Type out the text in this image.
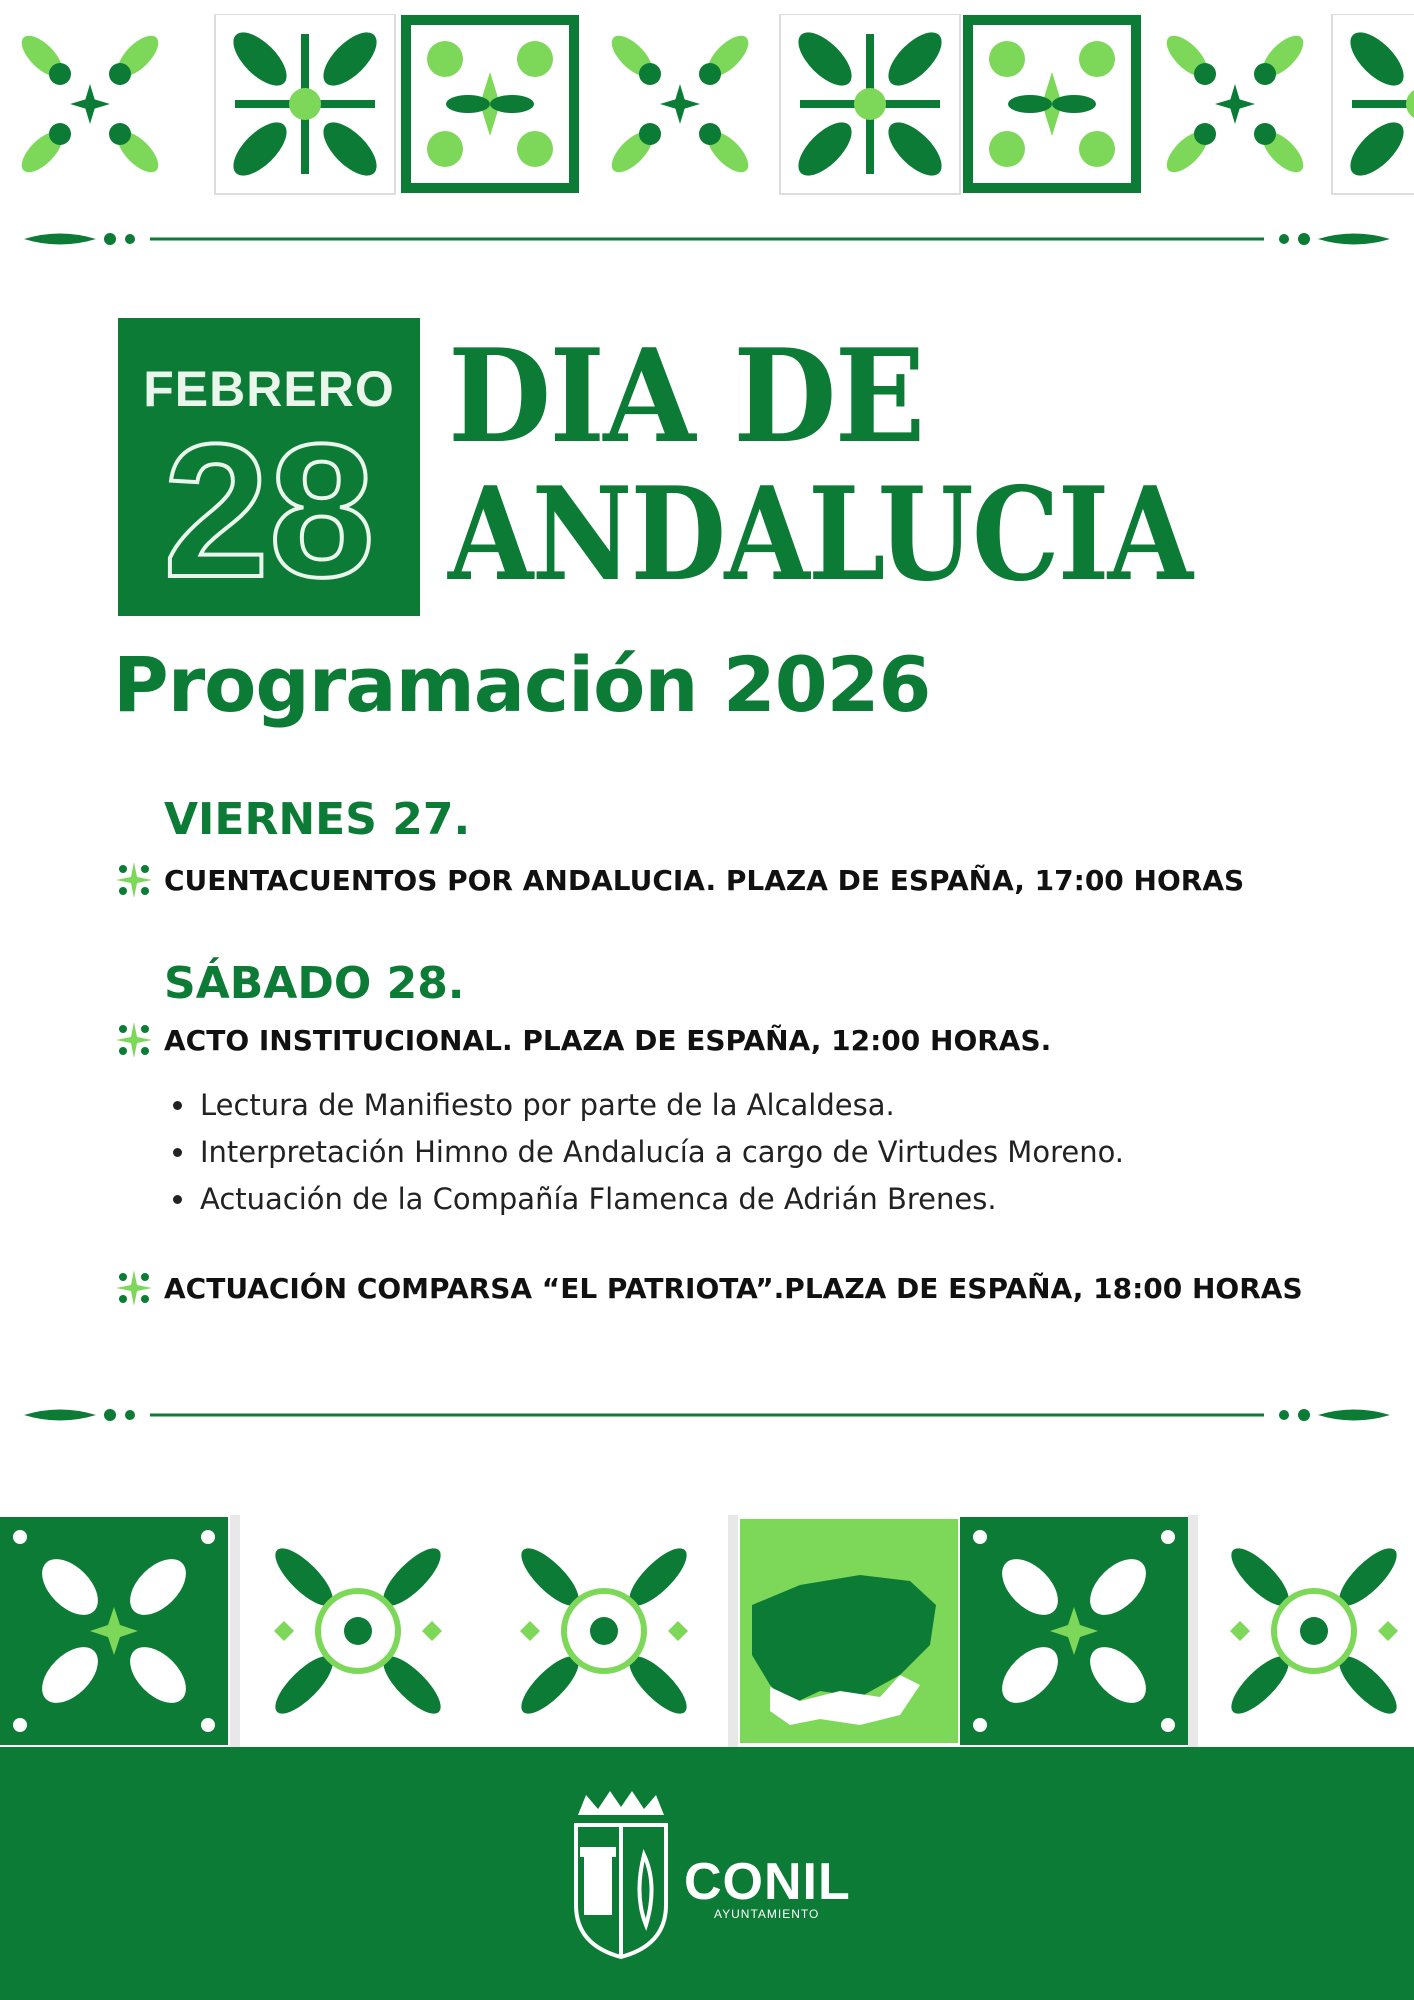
FEBRERO
28
DIA DE
ANDALUCIA
Programación 2026
VIERNES 27.
CUENTACUENTOS POR ANDALUCIA. PLAZA DE ESPAÑA, 17:00 HORAS
SÁBADO 28.
ACTO INSTITUCIONAL. PLAZA DE ESPAÑA, 12:00 HORAS.
• Lectura de Manifiesto por parte de la Alcaldesa.
• Interpretación Himno de Andalucía a cargo de Virtudes Moreno.
• Actuación de la Compañía Flamenca de Adrián Brenes.
ACTUACIÓN COMPARSA “EL PATRIOTA”.PLAZA DE ESPAÑA, 18:00 HORAS
CONIL
AYUNTAMIENTO
